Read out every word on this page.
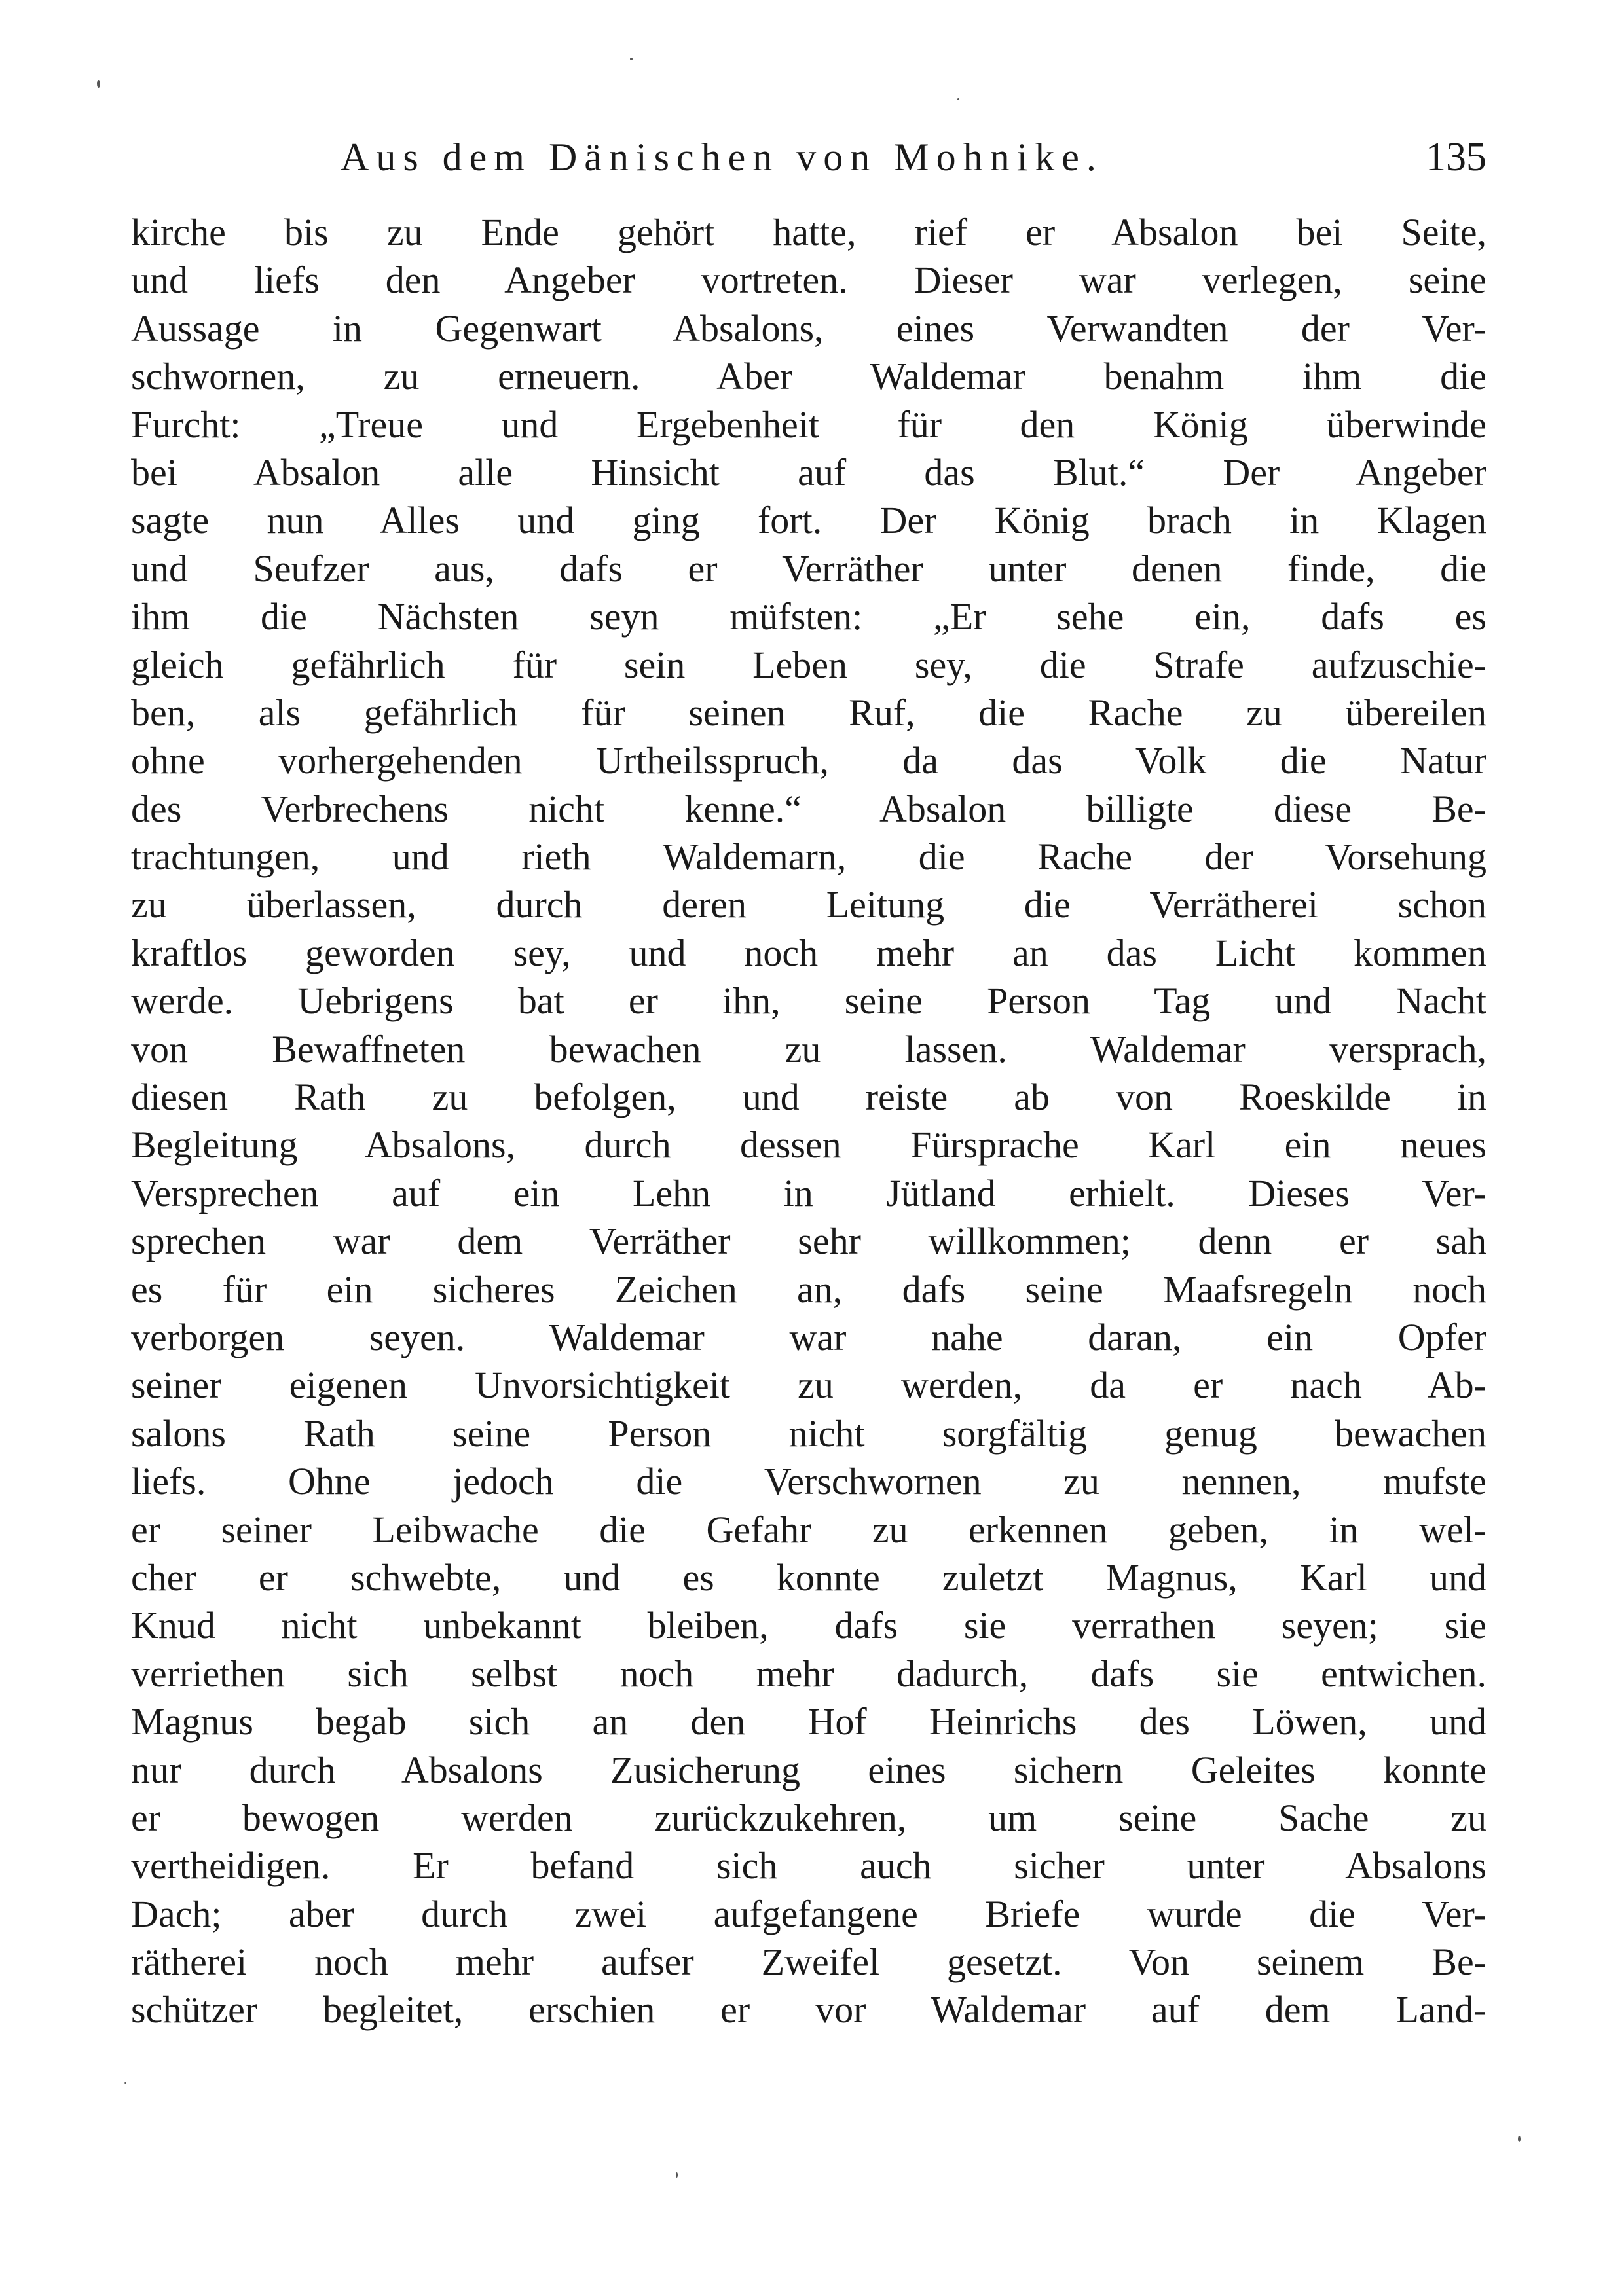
Aus dem Dänischen von Mohnike.	135
kirche bis zu Ende gehört hatte, rief er Absalon bei Seite,
und liefs den Angeber vortreten. Dieser war verlegen, seine
Aussage in Gegenwart Absalons, eines Verwandten der Ver-
schwornen, zu erneuern. Aber Waldemar benahm ihm die
Furcht: „Treue und Ergebenheit für den König überwinde
bei Absalon alle Hinsicht auf das Blut.“ Der Angeber
sagte nun Alles und ging fort. Der König brach in Klagen
und Seufzer aus, dafs er Verräther unter denen finde, die
ihm die Nächsten seyn müfsten: „Er sehe ein, dafs es
gleich gefährlich für sein Leben sey, die Strafe aufzuschie-
ben, als gefährlich für seinen Ruf, die Rache zu übereilen
ohne vorhergehenden Urtheilsspruch, da das Volk die Natur
des Verbrechens nicht kenne.“ Absalon billigte diese Be-
trachtungen, und rieth Waldemarn, die Rache der Vorsehung
zu überlassen, durch deren Leitung die Verrätherei schon
kraftlos geworden sey, und noch mehr an das Licht kommen
werde. Uebrigens bat er ihn, seine Person Tag und Nacht
von Bewaffneten bewachen zu lassen. Waldemar versprach,
diesen Rath zu befolgen, und reiste ab von Roeskilde in
Begleitung Absalons, durch dessen Fürsprache Karl ein neues
Versprechen auf ein Lehn in Jütland erhielt. Dieses Ver-
sprechen war dem Verräther sehr willkommen; denn er sah
es für ein sicheres Zeichen an, dafs seine Maafsregeln noch
verborgen seyen. Waldemar war nahe daran, ein Opfer
seiner eigenen Unvorsichtigkeit zu werden, da er nach Ab-
salons Rath seine Person nicht sorgfältig genug bewachen
liefs. Ohne jedoch die Verschwornen zu nennen, mufste
er seiner Leibwache die Gefahr zu erkennen geben, in wel-
cher er schwebte, und es konnte zuletzt Magnus, Karl und
Knud nicht unbekannt bleiben, dafs sie verrathen seyen; sie
verriethen sich selbst noch mehr dadurch, dafs sie entwichen.
Magnus begab sich an den Hof Heinrichs des Löwen, und
nur durch Absalons Zusicherung eines sichern Geleites konnte
er bewogen werden zurückzukehren, um seine Sache zu
vertheidigen. Er befand sich auch sicher unter Absalons
Dach; aber durch zwei aufgefangene Briefe wurde die Ver-
rätherei noch mehr aufser Zweifel gesetzt. Von seinem Be-
schützer begleitet, erschien er vor Waldemar auf dem Land-
